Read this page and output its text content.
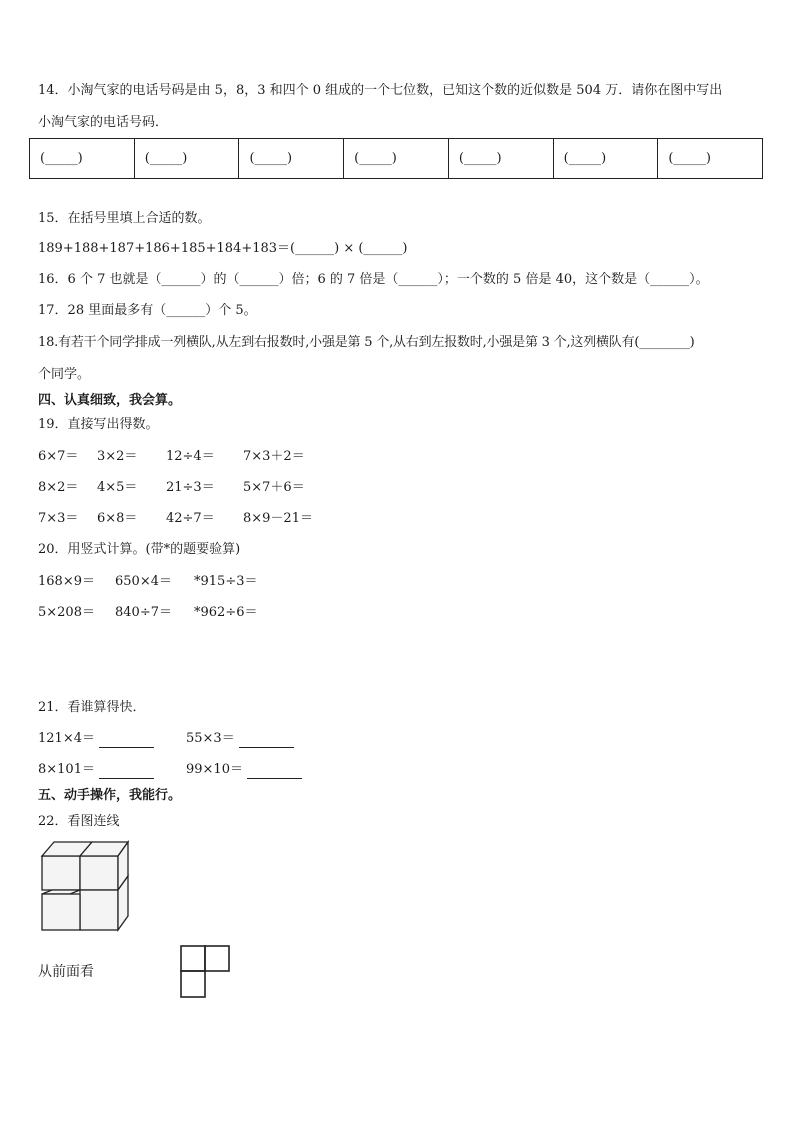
14．小淘气家的电话号码是由 5，8，3 和四个 0 组成的一个七位数，已知这个数的近似数是 504 万．请你在图中写出
小淘气家的电话号码．
(_____)	(_____)	(_____)	(_____)	(_____)	(_____)	(_____)
15．在括号里填上合适的数。
189+188+187+186+185+184+183＝(______) × (______)
16．6 个 7 也就是（______）的（______）倍；6 的 7 倍是（______）；一个数的 5 倍是 40，这个数是（______）。
17．28 里面最多有（______）个 5。
18.有若干个同学排成一列横队,从左到右报数时,小强是第 5 个,从右到左报数时,小强是第 3 个,这列横队有(________)
个同学。
四、认真细致，我会算。
19．直接写出得数。
6×7＝ 3×2＝ 12÷4＝ 7×3＋2＝
8×2＝ 4×5＝ 21÷3＝ 5×7＋6＝
7×3＝ 6×8＝ 42÷7＝ 8×9－21＝
20．用竖式计算。(带*的题要验算)
168×9＝ 650×4＝ *915÷3＝
5×208＝ 840÷7＝ *962÷6＝
21．看谁算得快．
121×4＝	55×3＝
8×101＝	99×10＝
五、动手操作，我能行。
22．看图连线
从前面看
